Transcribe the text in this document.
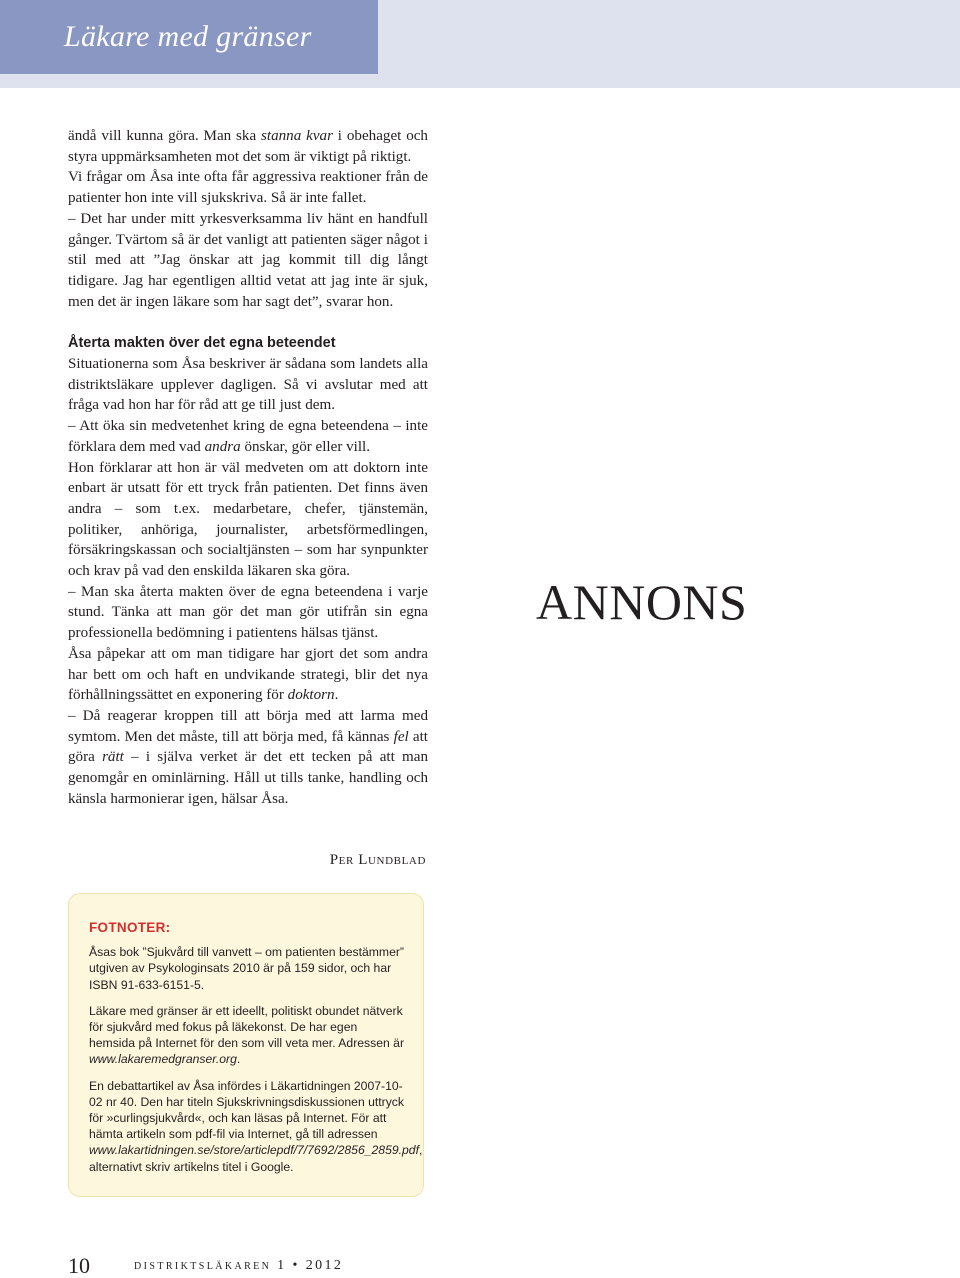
Läkare med gränser

ändå vill kunna göra. Man ska stanna kvar i obehaget och styra uppmärksamheten mot det som är viktigt på riktigt.

Vi frågar om Åsa inte ofta får aggressiva reaktioner från de patienter hon inte vill sjukskriva. Så är inte fallet.

– Det har under mitt yrkesverksamma liv hänt en handfull gånger. Tvärtom så är det vanligt att patienten säger något i stil med att ”Jag önskar att jag kommit till dig långt tidigare. Jag har egentligen alltid vetat att jag inte är sjuk, men det är ingen läkare som har sagt det”, svarar hon.

Återta makten över det egna beteendet

Situationerna som Åsa beskriver är sådana som landets alla distriktsläkare upplever dagligen. Så vi avslutar med att fråga vad hon har för råd att ge till just dem.

– Att öka sin medvetenhet kring de egna beteendena – inte förklara dem med vad andra önskar, gör eller vill.

Hon förklarar att hon är väl medveten om att doktorn inte enbart är utsatt för ett tryck från patienten. Det finns även andra – som t.ex. medarbetare, chefer, tjänstemän, politiker, anhöriga, journalister, arbetsförmedlingen, försäkringskassan och socialtjänsten – som har synpunkter och krav på vad den enskilda läkaren ska göra.

– Man ska återta makten över de egna beteendena i varje stund. Tänka att man gör det man gör utifrån sin egna professionella bedömning i patientens hälsas tjänst.

Åsa påpekar att om man tidigare har gjort det som andra har bett om och haft en undvikande strategi, blir det nya förhållningssättet en exponering för doktorn.

– Då reagerar kroppen till att börja med att larma med symtom. Men det måste, till att börja med, få kännas fel att göra rätt – i själva verket är det ett tecken på att man genomgår en ominlärning. Håll ut tills tanke, handling och känsla harmonierar igen, hälsar Åsa.

Per Lundblad
ANNONS
FOTNOTER:

Åsas bok ”Sjukvård till vanvett – om patienten bestämmer” utgiven av Psykologinsats 2010 är på 159 sidor, och har ISBN 91-633-6151-5.

Läkare med gränser är ett ideellt, politiskt obundet nätverk för sjukvård med fokus på läkekonst. De har egen hemsida på Internet för den som vill veta mer. Adressen är www.lakaremedgranser.org.

En debattartikel av Åsa infördes i Läkartidningen 2007-10-02 nr 40. Den har titeln Sjukskrivningsdiskussionen uttryck för »curlingsjukvård«, och kan läsas på Internet. För att hämta artikeln som pdf-fil via Internet, gå till adressen www.lakartidningen.se/store/articlepdf/7/7692/2856_2859.pdf, alternativt skriv artikelns titel i Google.

10	distriktsläkaren 1 • 2012
